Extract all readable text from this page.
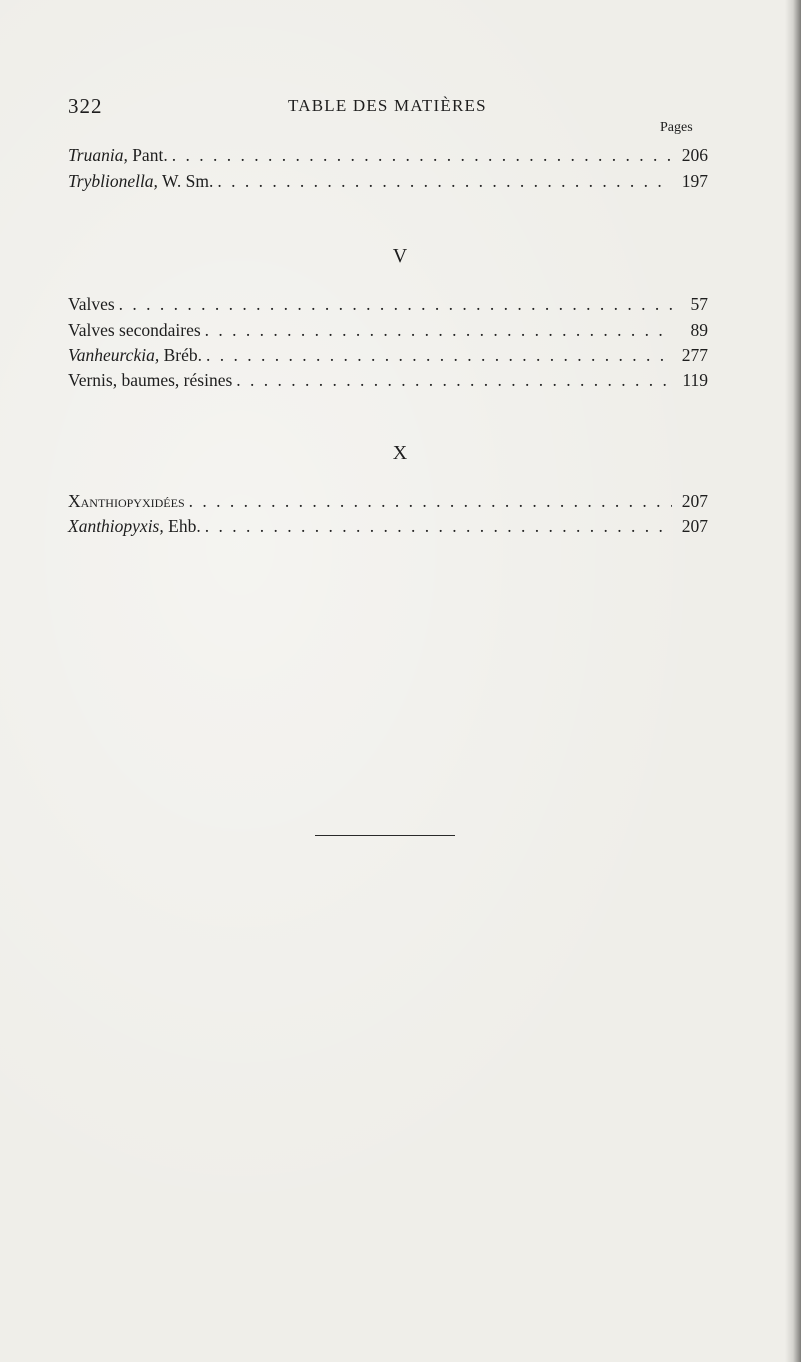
322	TABLE DES MATIÈRES
Pages
Truania, Pant. . . .	206
Tryblionella, W. Sm. . . .	197
V
Valves . . .	57
Valves secondaires . . .	89
Vanheurckia, Bréb. . . .	277
Vernis, baumes, résines . . .	119
X
Xanthiopyxidées . . .	207
Xanthiopyxis, Ehb. . . .	207
